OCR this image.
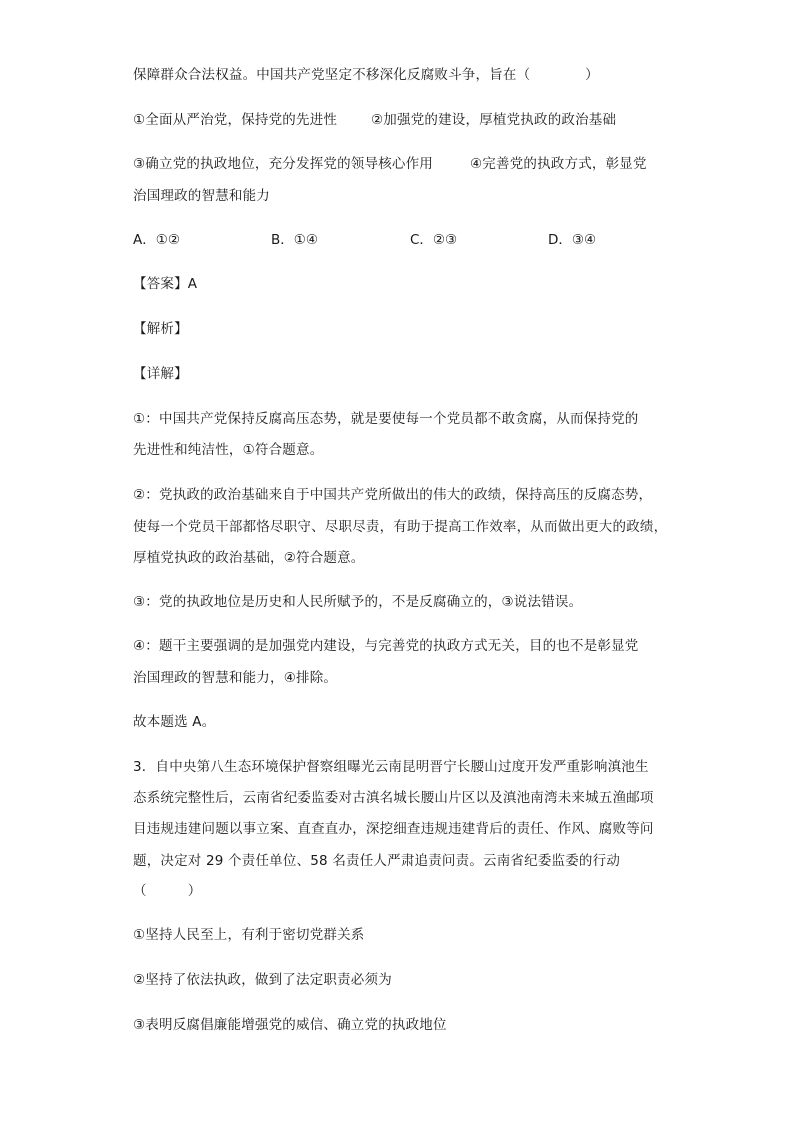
保障群众合法权益。中国共产党坚定不移深化反腐败斗争，旨在（　　　　）
①全面从严治党，保持党的先进性	②加强党的建设，厚植党执政的政治基础
③确立党的执政地位，充分发挥党的领导核心作用	④完善党的执政方式，彰显党
治国理政的智慧和能力
A．①②	B．①④	C．②③	D．③④
【答案】A
【解析】
【详解】
①：中国共产党保持反腐高压态势，就是要使每一个党员都不敢贪腐，从而保持党的
先进性和纯洁性，①符合题意。
②：党执政的政治基础来自于中国共产党所做出的伟大的政绩，保持高压的反腐态势，
使每一个党员干部都恪尽职守、尽职尽责，有助于提高工作效率，从而做出更大的政绩，
厚植党执政的政治基础，②符合题意。
③：党的执政地位是历史和人民所赋予的，不是反腐确立的，③说法错误。
④：题干主要强调的是加强党内建设，与完善党的执政方式无关，目的也不是彰显党
治国理政的智慧和能力，④排除。
故本题选 A。
3．自中央第八生态环境保护督察组曝光云南昆明晋宁长腰山过度开发严重影响滇池生
态系统完整性后，云南省纪委监委对古滇名城长腰山片区以及滇池南湾未来城五渔邮项
目违规违建问题以事立案、直查直办，深挖细查违规违建背后的责任、作风、腐败等问
题，决定对 29 个责任单位、58 名责任人严肃追责问责。云南省纪委监委的行动
（　　　）
①坚持人民至上，有利于密切党群关系
②坚持了依法执政，做到了法定职责必须为
③表明反腐倡廉能增强党的威信、确立党的执政地位
